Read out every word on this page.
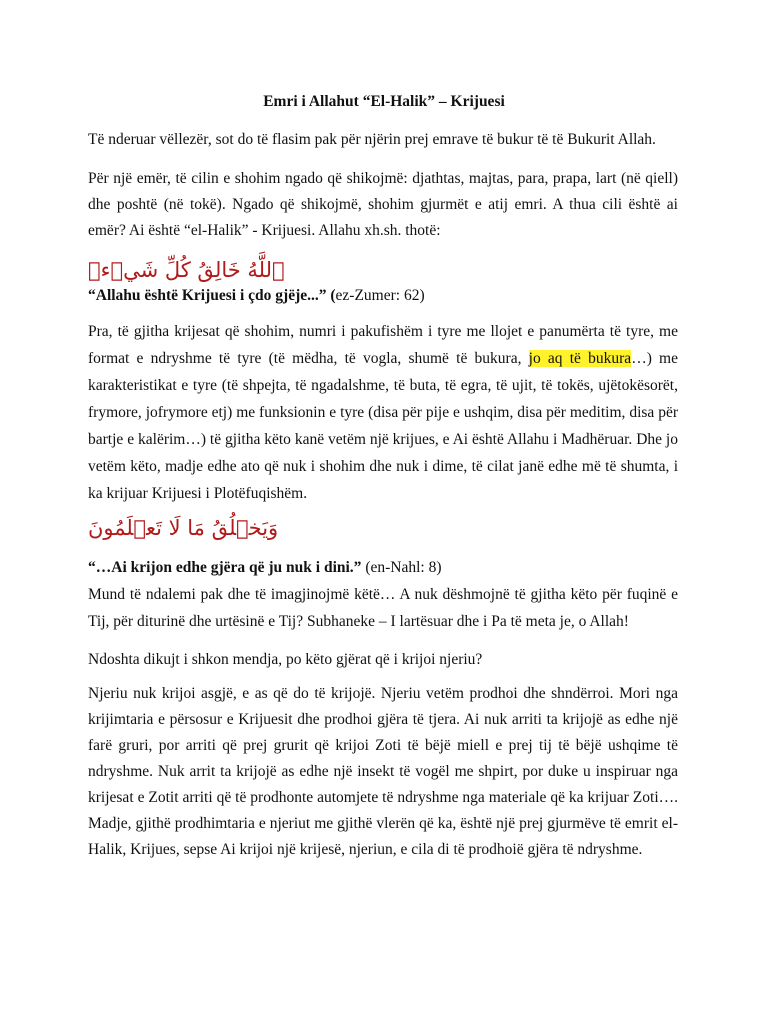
Emri i Allahut “El-Halik” – Krijuesi
Të nderuar vëllezër, sot do të flasim pak për njërin prej emrave të bukur të të Bukurit Allah.
Për një emër, të cilin e shohim ngado që shikojmë: djathtas, majtas, para, prapa, lart (në qiell) dhe poshtë (në tokë). Ngado që shikojmë, shohim gjurmët e atij emri. A thua cili është ai emër? Ai është “el-Halik” - Krijuesi. Allahu xh.sh. thotë:
ٱللَّهُ خَالِقُ كُلِّ شَيۡءٖ
“Allahu është Krijuesi i çdo gjëje...” (ez-Zumer: 62)
Pra, të gjitha krijesat që shohim, numri i pakufishëm i tyre me llojet e panumërta të tyre, me format e ndryshme të tyre (të mëdha, të vogla, shumë të bukura, jo aq të bukura…) me karakteristikat e tyre (të shpejta, të ngadalshme, të buta, të egra, të ujit, të tokës, ujëtokësorët, frymore, jofrymore etj) me funksionin e tyre (disa për pije e ushqim, disa për meditim, disa për bartje e kalërim…) të gjitha këto kanë vetëm një krijues, e Ai është Allahu i Madhëruar. Dhe jo vetëm këto, madje edhe ato që nuk i shohim dhe nuk i dime, të cilat janë edhe më të shumta, i ka krijuar Krijuesi i Plotëfuqishëm.
وَيَخۡلُقُ مَا لَا تَعۡلَمُونَ
“…Ai krijon edhe gjëra që ju nuk i dini.” (en-Nahl: 8)
Mund të ndalemi pak dhe të imagjinojmë këtë… A nuk dëshmojnë të gjitha këto për fuqinë e Tij, për diturinë dhe urtësinë e Tij? Subhaneke – I lartësuar dhe i Pa të meta je, o Allah!
Ndoshta dikujt i shkon mendja, po këto gjërat që i krijoi njeriu?
Njeriu nuk krijoi asgjë, e as që do të krijojë. Njeriu vetëm prodhoi dhe shndërroi. Mori nga krijimtaria e përsosur e Krijuesit dhe prodhoi gjëra të tjera. Ai nuk arriti ta krijojë as edhe një farë gruri, por arriti që prej grurit që krijoi Zoti të bëjë miell e prej tij të bëjë ushqime të ndryshme. Nuk arrit ta krijojë as edhe një insekt të vogël me shpirt, por duke u inspiruar nga krijesat e Zotit arriti që të prodhonte automjete të ndryshme nga materiale që ka krijuar Zoti…. Madje, gjithë prodhimtaria e njeriut me gjithë vlerën që ka, është një prej gjurmëve të emrit el-Halik, Krijues, sepse Ai krijoi një krijesë, njeriun, e cila di të prodhoië gjëra të ndryshme.
